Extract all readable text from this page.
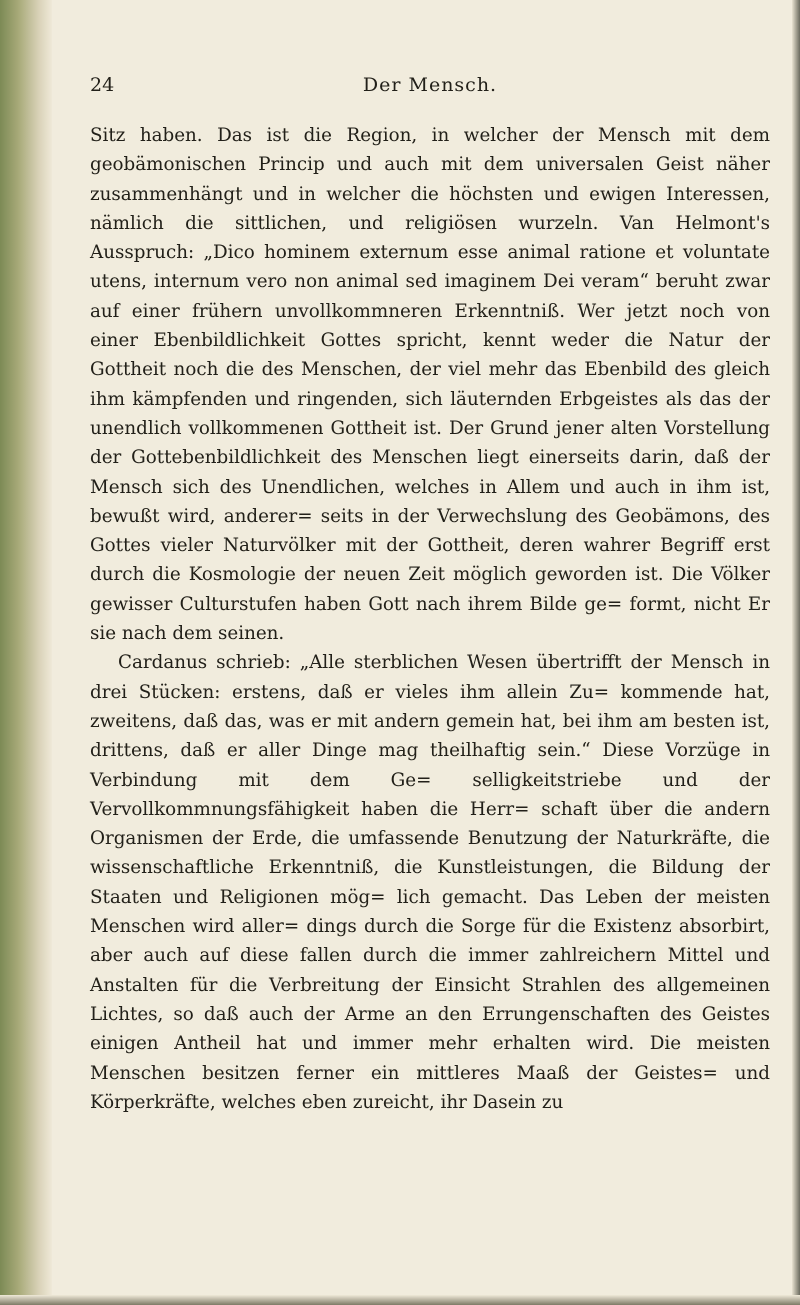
24	Der Mensch.

Sitz haben. Das ist die Region, in welcher der Mensch mit dem geobämonischen Princip und auch mit dem universalen Geist näher zusammenhängt und in welcher die höchsten und ewigen Interessen, nämlich die sittlichen, und religiösen wurzeln. Van Helmont's Ausspruch: „Dico hominem externum esse animal ratione et voluntate utens, internum vero non animal sed imaginem Dei veram“ beruht zwar auf einer frühern unvollkommneren Erkenntniß. Wer jetzt noch von einer Ebenbildlichkeit Gottes spricht, kennt weder die Natur der Gottheit noch die des Menschen, der viel mehr das Ebenbild des gleich ihm kämpfenden und ringenden, sich läuternden Erbgeistes als das der unendlich vollkommenen Gottheit ist. Der Grund jener alten Vorstellung der Gottebenbildlichkeit des Menschen liegt einerseits darin, daß der Mensch sich des Unendlichen, welches in Allem und auch in ihm ist, bewußt wird, anderer= seits in der Verwechslung des Geobämons, des Gottes vieler Naturvölker mit der Gottheit, deren wahrer Begriff erst durch die Kosmologie der neuen Zeit möglich geworden ist. Die Völker gewisser Culturstufen haben Gott nach ihrem Bilde ge= formt, nicht Er sie nach dem seinen.

Cardanus schrieb: „Alle sterblichen Wesen übertrifft der Mensch in drei Stücken: erstens, daß er vieles ihm allein Zu= kommende hat, zweitens, daß das, was er mit andern gemein hat, bei ihm am besten ist, drittens, daß er aller Dinge mag theilhaftig sein.“ Diese Vorzüge in Verbindung mit dem Ge= selligkeitstriebe und der Vervollkommnungsfähigkeit haben die Herr= schaft über die andern Organismen der Erde, die umfassende Benutzung der Naturkräfte, die wissenschaftliche Erkenntniß, die Kunstleistungen, die Bildung der Staaten und Religionen mög= lich gemacht. Das Leben der meisten Menschen wird aller= dings durch die Sorge für die Existenz absorbirt, aber auch auf diese fallen durch die immer zahlreichern Mittel und Anstalten für die Verbreitung der Einsicht Strahlen des allgemeinen Lichtes, so daß auch der Arme an den Errungenschaften des Geistes einigen Antheil hat und immer mehr erhalten wird. Die meisten Menschen besitzen ferner ein mittleres Maaß der Geistes= und Körperkräfte, welches eben zureicht, ihr Dasein zu
